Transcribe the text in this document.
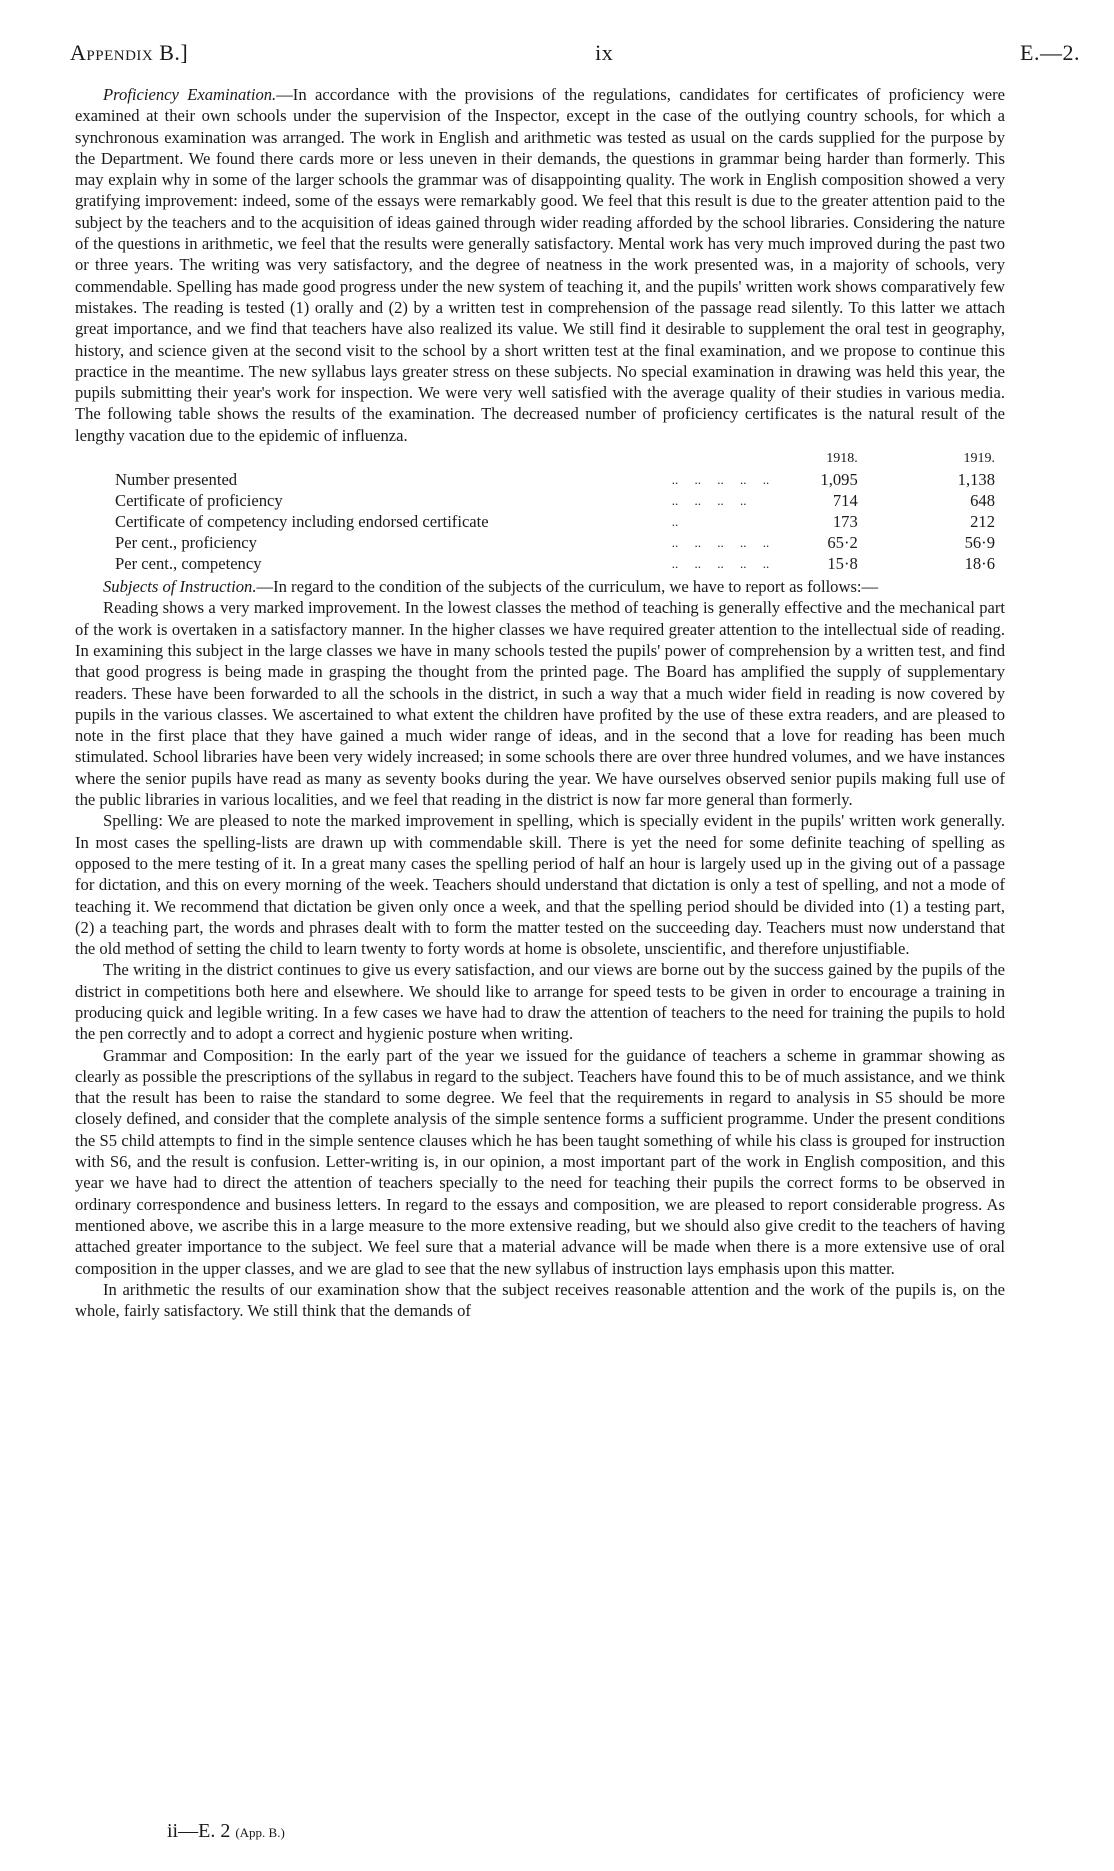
Appendix B.]	ix	E.—2.

Proficiency Examination.—In accordance with the provisions of the regulations, candidates for certificates of proficiency were examined at their own schools under the supervision of the Inspector, except in the case of the outlying country schools, for which a synchronous examination was arranged. The work in English and arithmetic was tested as usual on the cards supplied for the purpose by the Department. We found there cards more or less uneven in their demands, the questions in grammar being harder than formerly. This may explain why in some of the larger schools the grammar was of disappointing quality. The work in English composition showed a very gratifying improvement: indeed, some of the essays were remarkably good. We feel that this result is due to the greater attention paid to the subject by the teachers and to the acquisition of ideas gained through wider reading afforded by the school libraries. Considering the nature of the questions in arithmetic, we feel that the results were generally satisfactory. Mental work has very much improved during the past two or three years. The writing was very satisfactory, and the degree of neatness in the work presented was, in a majority of schools, very commendable. Spelling has made good progress under the new system of teaching it, and the pupils' written work shows comparatively few mistakes. The reading is tested (1) orally and (2) by a written test in comprehension of the passage read silently. To this latter we attach great importance, and we find that teachers have also realized its value. We still find it desirable to supplement the oral test in geography, history, and science given at the second visit to the school by a short written test at the final examination, and we propose to continue this practice in the meantime. The new syllabus lays greater stress on these subjects. No special examination in drawing was held this year, the pupils submitting their year's work for inspection. We were very well satisfied with the average quality of their studies in various media. The following table shows the results of the examination. The decreased number of proficiency certificates is the natural result of the lengthy vacation due to the epidemic of influenza.

		1918.	1919.
Number presented	..     ..     ..     ..     ..	1,095	1,138
Certificate of proficiency	..     ..     ..     ..	714	648
Certificate of competency including endorsed certificate	..	173	212
Per cent., proficiency	..     ..     ..     ..     ..	65·2	56·9
Per cent., competency	..     ..     ..     ..     ..	15·8	18·6

Subjects of Instruction.—In regard to the condition of the subjects of the curriculum, we have to report as follows:—

Reading shows a very marked improvement. In the lowest classes the method of teaching is generally effective and the mechanical part of the work is overtaken in a satisfactory manner. In the higher classes we have required greater attention to the intellectual side of reading. In examining this subject in the large classes we have in many schools tested the pupils' power of comprehension by a written test, and find that good progress is being made in grasping the thought from the printed page. The Board has amplified the supply of supplementary readers. These have been forwarded to all the schools in the district, in such a way that a much wider field in reading is now covered by pupils in the various classes. We ascertained to what extent the children have profited by the use of these extra readers, and are pleased to note in the first place that they have gained a much wider range of ideas, and in the second that a love for reading has been much stimulated. School libraries have been very widely increased; in some schools there are over three hundred volumes, and we have instances where the senior pupils have read as many as seventy books during the year. We have ourselves observed senior pupils making full use of the public libraries in various localities, and we feel that reading in the district is now far more general than formerly.

Spelling: We are pleased to note the marked improvement in spelling, which is specially evident in the pupils' written work generally. In most cases the spelling-lists are drawn up with commendable skill. There is yet the need for some definite teaching of spelling as opposed to the mere testing of it. In a great many cases the spelling period of half an hour is largely used up in the giving out of a passage for dictation, and this on every morning of the week. Teachers should understand that dictation is only a test of spelling, and not a mode of teaching it. We recommend that dictation be given only once a week, and that the spelling period should be divided into (1) a testing part, (2) a teaching part, the words and phrases dealt with to form the matter tested on the succeeding day. Teachers must now understand that the old method of setting the child to learn twenty to forty words at home is obsolete, unscientific, and therefore unjustifiable.

The writing in the district continues to give us every satisfaction, and our views are borne out by the success gained by the pupils of the district in competitions both here and elsewhere. We should like to arrange for speed tests to be given in order to encourage a training in producing quick and legible writing. In a few cases we have had to draw the attention of teachers to the need for training the pupils to hold the pen correctly and to adopt a correct and hygienic posture when writing.

Grammar and Composition: In the early part of the year we issued for the guidance of teachers a scheme in grammar showing as clearly as possible the prescriptions of the syllabus in regard to the subject. Teachers have found this to be of much assistance, and we think that the result has been to raise the standard to some degree. We feel that the requirements in regard to analysis in S5 should be more closely defined, and consider that the complete analysis of the simple sentence forms a sufficient programme. Under the present conditions the S5 child attempts to find in the simple sentence clauses which he has been taught something of while his class is grouped for instruction with S6, and the result is confusion. Letter-writing is, in our opinion, a most important part of the work in English composition, and this year we have had to direct the attention of teachers specially to the need for teaching their pupils the correct forms to be observed in ordinary correspondence and business letters. In regard to the essays and composition, we are pleased to report considerable progress. As mentioned above, we ascribe this in a large measure to the more extensive reading, but we should also give credit to the teachers of having attached greater importance to the subject. We feel sure that a material advance will be made when there is a more extensive use of oral composition in the upper classes, and we are glad to see that the new syllabus of instruction lays emphasis upon this matter.

In arithmetic the results of our examination show that the subject receives reasonable attention and the work of the pupils is, on the whole, fairly satisfactory. We still think that the demands of

ii—E. 2 (App. B.)
